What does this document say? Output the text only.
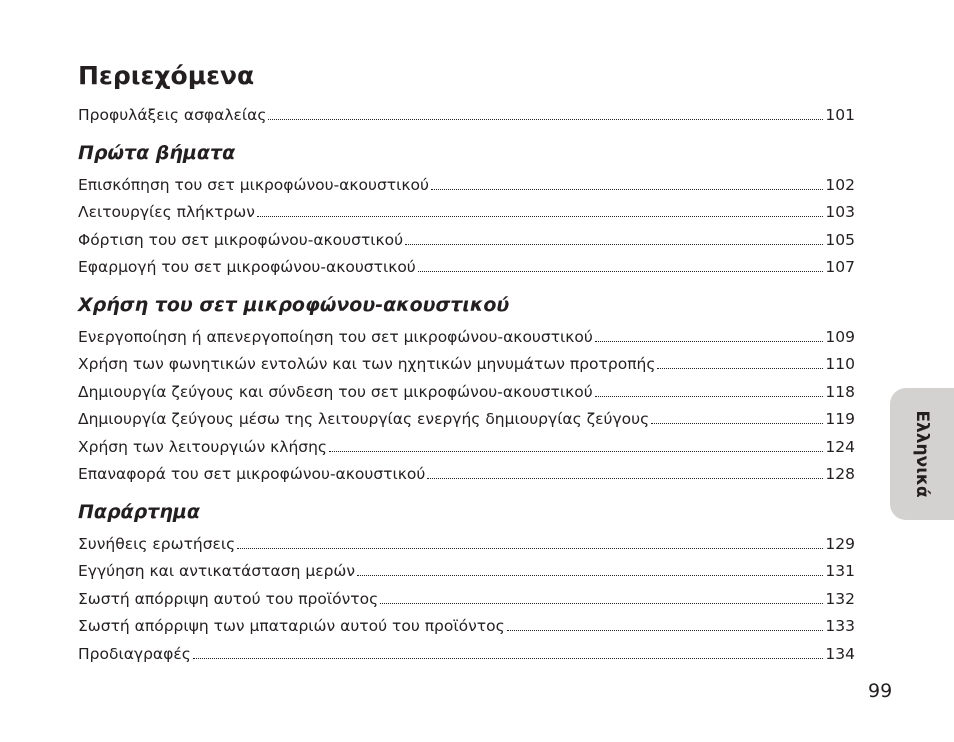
Περιεχόμενα
Προφυλάξεις ασφαλείας	101
Πρώτα βήματα
Επισκόπηση του σετ μικροφώνου-ακουστικού	102
Λειτουργίες πλήκτρων	103
Φόρτιση του σετ μικροφώνου-ακουστικού	105
Εφαρμογή του σετ μικροφώνου-ακουστικού	107
Χρήση του σετ μικροφώνου-ακουστικού
Ενεργοποίηση ή απενεργοποίηση του σετ μικροφώνου-ακουστικού	109
Χρήση των φωνητικών εντολών και των ηχητικών μηνυμάτων προτροπής	110
Δημιουργία ζεύγους και σύνδεση του σετ μικροφώνου-ακουστικού	118
Δημιουργία ζεύγους μέσω της λειτουργίας ενεργής δημιουργίας ζεύγους	119
Χρήση των λειτουργιών κλήσης	124
Επαναφορά του σετ μικροφώνου-ακουστικού	128
Παράρτημα
Συνήθεις ερωτήσεις	129
Εγγύηση και αντικατάσταση μερών	131
Σωστή απόρριψη αυτού του προϊόντος	132
Σωστή απόρριψη των μπαταριών αυτού του προϊόντος	133
Προδιαγραφές	134
Ελληνικά
99
